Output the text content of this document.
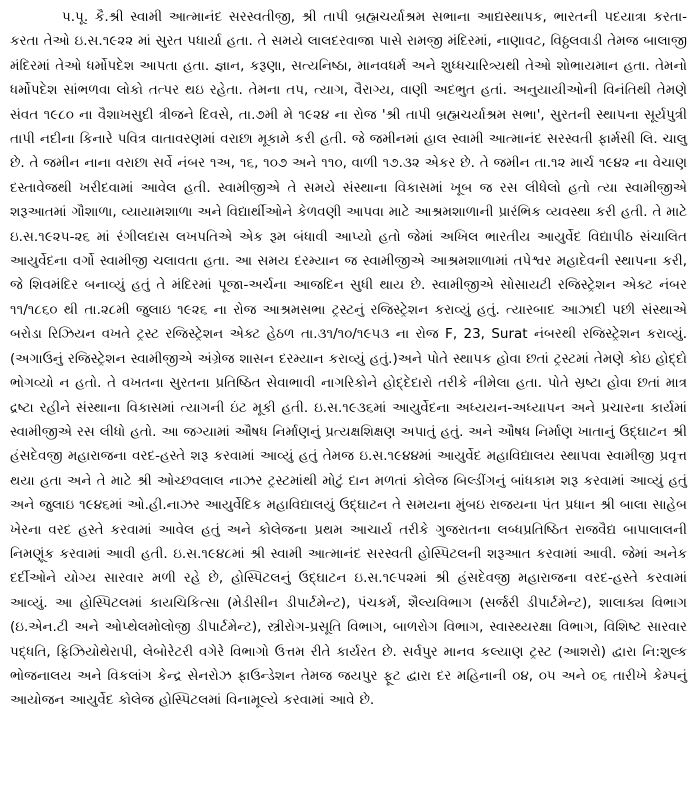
પ.પૂ. કૈ.શ્રી સ્વામી આત્માનંદ સરસ્વતીજી, શ્રી તાપી બ્રહ્મચર્યાશ્રમ સભાના આદ્યસ્થાપક, ભારતની પદયાત્રા કરતા-કરતા તેઓ ઇ.સ.૧૯૨૨ માં સુરત પધાર્યા હતા. તે સમયે લાલદરવાજા પાસે રામજી મંદિરમાં, નાણાવટ, વિઠ્ઠલવાડી તેમજ બાલાજી મંદિરમાં તેઓ ધર્મોપદેશ આપતા હતા. જ્ઞાન, કરૂણા, સત્યનિષ્ઠા, માનવધર્મ અને શુધ્ધચારિત્ર્યથી તેઓ શોભાયમાન હતા. તેમનો ધર્મોપદેશ સાંભળવા લોકો તત્પર થઇ રહેતા. તેમના તપ, ત્યાગ, વૈરાગ્ય, વાણી અદભુત હતાં. અનુયાયીઓની વિનંતિથી તેમણે સંવત ૧૯૮૦ ના વૈશાખસુદી ત્રીજને દિવસે, તા.૭મી મે ૧૯૨૪ ના રોજ 'શ્રી તાપી બ્રહ્મચર્યાશ્રમ સભા', સુરતની સ્થાપના સૂર્યપુત્રી તાપી નદીના કિનારે પવિત્ર વાતાવરણમાં વરાછા મૂકામે કરી હતી. જે જમીનમાં હાલ સ્વામી આત્માનંદ સરસ્વતી ફાર્મસી લિ. ચાલુ છે. તે જમીન નાના વરાછા સર્વે નંબર ૧અ, ૧૬, ૧૦૭ અને ૧૧૦, વાળી ૧૭.૩૨ એકર છે. તે જમીન તા.૧૨ માર્ચ ૧૯૪૨ ના વેચાણ દસ્તાવેજથી ખરીદવામાં આવેલ હતી. સ્વામીજીએ તે સમયે સંસ્થાના વિકાસમાં ખૂબ જ રસ લીધેલો હતો ત્યા સ્વામીજીએ શરૂઆતમાં ગૌશાળા, વ્યાયામશાળા અને વિદ્યાર્થીઓને કેળવણી આપવા માટે આશ્રમશાળાની પ્રારંભિક વ્યવસ્થા કરી હતી. તે માટે ઇ.સ.૧૯૨૫-૨૬ માં રંગીલદાસ લખપતિએ એક રૂમ બંધાવી આપ્યો હતો જેમાં અખિલ ભારતીય આયુર્વેદ વિદ્યાપીઠ સંચાલિત આયુર્વેદના વર્ગો સ્વામીજી ચલાવતા હતા. આ સમય દરમ્યાન જ સ્વામીજીએ આશ્રમશાળામાં તપેશ્વર મહાદેવની સ્થાપના કરી, જે શિવમંદિર બનાવ્યું હતું તે મંદિરમાં પૂજા-અર્ચના આજદિન સુધી થાય છે. સ્વામીજીએ સોસાયટી રજિસ્ટ્રેશન એક્ટ નંબર ૧૧/૧૮૬૦ થી તા.૨૮મી જુલાઇ ૧૯૨૬ ના રોજ આશ્રમસભા ટ્રસ્ટનું રજિસ્ટ્રેશન કરાવ્યું હતું. ત્યારબાદ આઝાદી પછી સંસ્થાએ બરોડા રિઝિયન વખતે ટ્રસ્ટ રજિસ્ટ્રેશન એક્ટ હેઠળ તા.૩૧/૧૦/૧૯૫૩ ના રોજ F, 23, Surat નંબરથી રજિસ્ટ્રેશન કરાવ્યું. (અગાઉનું રજિસ્ટ્રેશન સ્વામીજીએ અંગ્રેજ શાસન દરમ્યાન કરાવ્યું હતું.)અને પોતે સ્થાપક હોવા છતાં ટ્રસ્ટમાં તેમણે કોઇ હોદ્દો ભોગવ્યો ન હતો. તે વખતના સુરતના પ્રતિષ્ઠિત સેવાભાવી નાગરિકોને હોદ્દેદારો તરીકે નીમેલા હતા. પોતે સ્રષ્ટા હોવા છતાં માત્ર દ્રષ્ટા રહીને સંસ્થાના વિકાસમાં ત્યાગની ઇંટ મૂકી હતી. ઇ.સ.૧૯૩૬માં આયુર્વેદના અધ્યયન-અધ્યાપન અને પ્રચારના કાર્યમાં સ્વામીજીએ રસ લીધો હતો. આ જગ્યામાં ઔષધ નિર્માણનું પ્રત્યક્ષશિક્ષણ અપાતું હતું. અને ઔષધ નિર્માણ ખાતાનું ઉદ્ઘાટન શ્રી હંસદેવજી મહારાજના વરદ-હસ્તે શરૂ કરવામાં આવ્યું હતું તેમજ ઇ.સ.૧૯૪૪માં આયુર્વેદ મહાવિદ્યાલય સ્થાપવા સ્વામીજી પ્રવૃત્ત થયા હતા અને તે માટે શ્રી ઓચ્છવલાલ નાઝર ટ્રસ્ટમાંથી મોટું દાન મળતાં કોલેજ બિલ્ડીંગનું બાંધકામ શરૂ કરવામાં આવ્યું હતું અને જુલાઇ ૧૯૪૬માં ઓ.હી.નાઝર આયુર્વેદિક મહાવિદ્યાલયું ઉદ્ઘાટન તે સમયના મુંબઇ રાજયના પંત પ્રધાન શ્રી બાલા સાહેબ ખેરના વરદ હસ્તે કરવામાં આવેલ હતું અને કોલેજના પ્રથમ આચાર્ય તરીકે ગુજરાતના લબ્ધપ્રતિષ્ઠિત રાજવૈદ્ય બાપાલાલની નિમણૂંક કરવામાં આવી હતી. ઇ.સ.૧૯૪૮માં શ્રી સ્વામી આત્માનંદ સરસ્વતી હોસ્પિટલની શરૂઆત કરવામાં આવી. જેમાં અનેક દર્દીઓને યોગ્ય સારવાર મળી રહે છે, હોસ્પિટલનું ઉદ્ઘાટન ઇ.સ.૧૯૫૨માં શ્રી હંસદેવજી મહારાજના વરદ-હસ્તે કરવામાં આવ્યું. આ હોસ્પિટલમાં કાયચિકિત્સા (મેડીસીન ડીપાર્ટમેન્ટ), પંચકર્મ, શૈલ્યવિભાગ (સર્જરી ડીપાર્ટમેન્ટ), શાલાક્ય વિભાગ (ઇ.એન.ટી અને ઓપ્થેલમોલોજી ડીપાર્ટમેન્ટ), સ્ત્રીરોગ-પ્રસૂતિ વિભાગ, બાળરોગ વિભાગ, સ્વાસ્થ્યરક્ષા વિભાગ, વિશિષ્ટ સારવાર પદ્ધતિ, ફિઝિયોથેરાપી, લેબોરેટરી વગેરે વિભાગો ઉત્તમ રીતે કાર્યરત છે. સર્વપુર માનવ કલ્યાણ ટ્રસ્ટ (આશરો) દ્વારા નિ:શુલ્ક ભોજનાલય અને વિકલાંગ કેન્દ્ર સેનરોઝ ફાઉન્ડેશન તેમજ જયપુર ફૂટ દ્વારા દર મહિનાની ૦૪, ૦૫ અને ૦૬ તારીખે કેમ્પનું આયોજન આયુર્વેદ કોલેજ હોસ્પિટલમાં વિનામૂલ્યે કરવામાં આવે છે.
